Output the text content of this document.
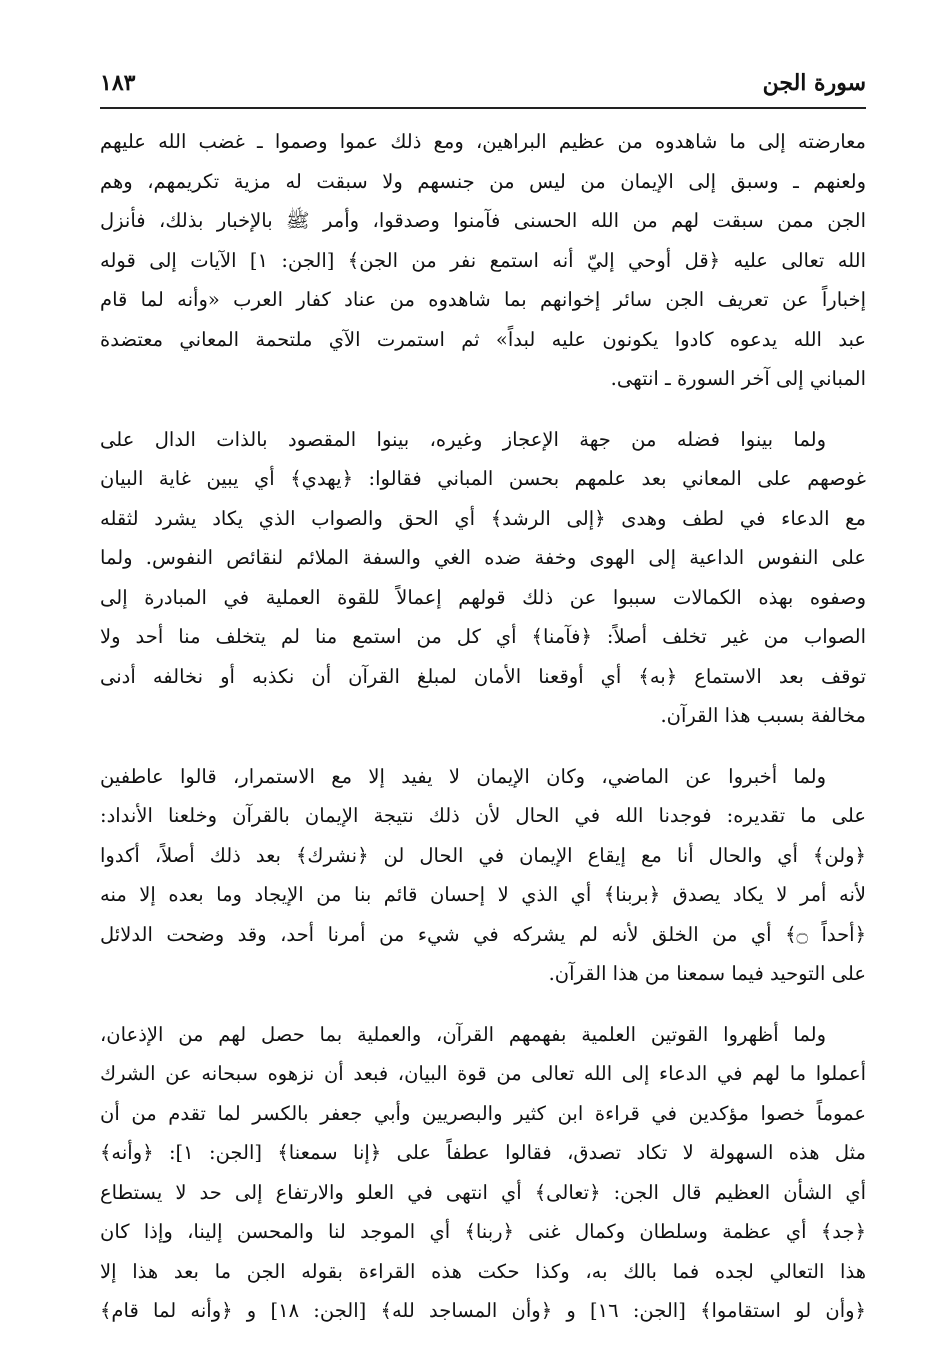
سورة الجن
١٨٣
معارضته إلى ما شاهدوه من عظيم البراهين، ومع ذلك عموا وصموا ـ غضب الله عليهم
ولعنهم ـ وسبق إلى الإيمان من ليس من جنسهم ولا سبقت له مزية تكريمهم، وهم
الجن ممن سبقت لهم من الله الحسنى فآمنوا وصدقوا، وأمر ﷺ بالإخبار بذلك، فأنزل
الله تعالى عليه ﴿قل أوحي إليّ أنه استمع نفر من الجن﴾ [الجن: ١] الآيات إلى قوله
إخباراً عن تعريف الجن سائر إخوانهم بما شاهدوه من عناد كفار العرب «وأنه لما قام
عبد الله يدعوه كادوا يكونون عليه لبداً» ثم استمرت الآي ملتحمة المعاني معتضدة
المباني إلى آخر السورة ـ انتهى.
ولما بينوا فضله من جهة الإعجاز وغيره، بينوا المقصود بالذات الدال على
غوصهم على المعاني بعد علمهم بحسن المباني فقالوا: ﴿يهدي﴾ أي يبين غاية البيان
مع الدعاء في لطف وهدى ﴿إلى الرشد﴾ أي الحق والصواب الذي يكاد يشرد لثقله
على النفوس الداعية إلى الهوى وخفة ضده الغي والسفة الملائم لنقائص النفوس. ولما
وصفوه بهذه الكمالات سببوا عن ذلك قولهم إعمالاً للقوة العملية في المبادرة إلى
الصواب من غير تخلف أصلاً: ﴿فآمنا﴾ أي كل من استمع منا لم يتخلف منا أحد ولا
توقف بعد الاستماع ﴿به﴾ أي أوقعنا الأمان لمبلغ القرآن أن نكذبه أو نخالفه أدنى
مخالفة بسبب هذا القرآن.
ولما أخبروا عن الماضي، وكان الإيمان لا يفيد إلا مع الاستمرار، قالوا عاطفين
على ما تقديره: فوجدنا الله في الحال لأن ذلك نتيجة الإيمان بالقرآن وخلعنا الأنداد:
﴿ولن﴾ أي والحال أنا مع إيقاع الإيمان في الحال لن ﴿نشرك﴾ بعد ذلك أصلاً، أكدوا
لأنه أمر لا يكاد يصدق ﴿بربنا﴾ أي الذي لا إحسان قائم بنا من الإيجاد وما بعده إلا منه
﴿أحداً ۝﴾ أي من الخلق لأنه لم يشركه في شيء من أمرنا أحد، وقد وضحت الدلائل
على التوحيد فيما سمعنا من هذا القرآن.
ولما أظهروا القوتين العلمية بفهمهم القرآن، والعملية بما حصل لهم من الإذعان،
أعملوا ما لهم في الدعاء إلى الله تعالى من قوة البيان، فبعد أن نزهوه سبحانه عن الشرك
عموماً خصوا مؤكدين في قراءة ابن كثير والبصريين وأبي جعفر بالكسر لما تقدم من أن
مثل هذه السهولة لا تكاد تصدق، فقالوا عطفاً على ﴿إنا سمعنا﴾ [الجن: ١]: ﴿وأنه﴾
أي الشأن العظيم قال الجن: ﴿تعالى﴾ أي انتهى في العلو والارتفاع إلى حد لا يستطاع
﴿جد﴾ أي عظمة وسلطان وكمال غنى ﴿ربنا﴾ أي الموجد لنا والمحسن إلينا، وإذا كان
هذا التعالي لجده فما بالك به، وكذا حكت هذه القراءة بقوله الجن ما بعد هذا إلا
﴿وأن لو استقاموا﴾ [الجن: ١٦] و ﴿وأن المساجد لله﴾ [الجن: ١٨] و ﴿وأنه لما قام﴾
